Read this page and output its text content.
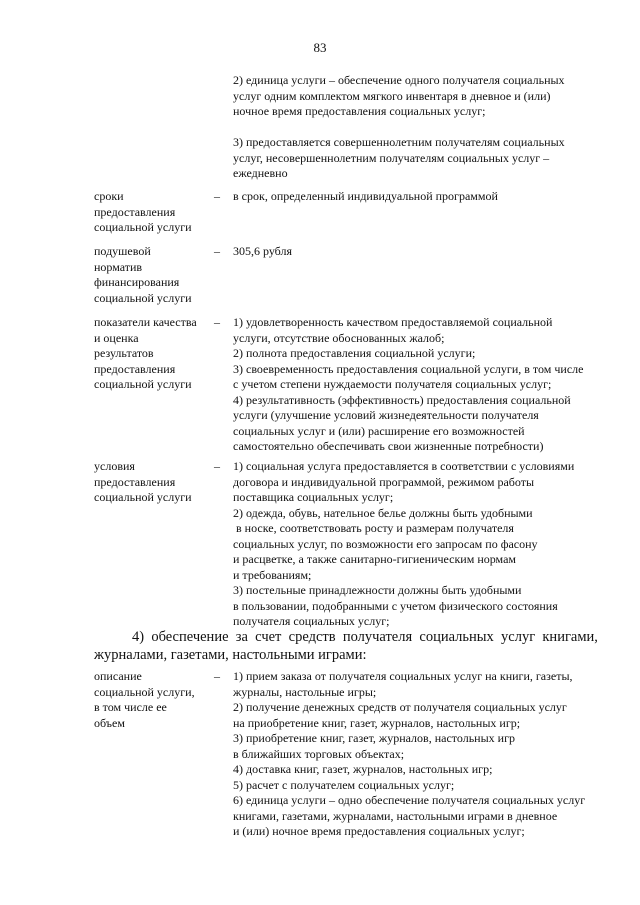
83
2) единица услуги – обеспечение одного получателя социальных
услуг одним комплектом мягкого инвентаря в дневное и (или)
ночное время предоставления социальных услуг;
3) предоставляется совершеннолетним получателям социальных
услуг, несовершеннолетним получателям социальных услуг –
ежедневно
сроки
предоставления
социальной услуги
– в срок, определенный индивидуальной программой
подушевой
норматив
финансирования
социальной услуги
– 305,6 рубля
показатели качества
и оценка
результатов
предоставления
социальной услуги
– 1) удовлетворенность качеством предоставляемой социальной
услуги, отсутствие обоснованных жалоб;
2) полнота предоставления социальной услуги;
3) своевременность предоставления социальной услуги, в том числе
с учетом степени нуждаемости получателя социальных услуг;
4) результативность (эффективность) предоставления социальной
услуги (улучшение условий жизнедеятельности получателя
социальных услуг и (или) расширение его возможностей
самостоятельно обеспечивать свои жизненные потребности)
условия
предоставления
социальной услуги
– 1) социальная услуга предоставляется в соответствии с условиями
договора и индивидуальной программой, режимом работы
поставщика социальных услуг;
2) одежда, обувь, нательное белье должны быть удобными
в носке, соответствовать росту и размерам получателя
социальных услуг, по возможности его запросам по фасону
и расцветке, а также санитарно-гигиеническим нормам
и требованиям;
3) постельные принадлежности должны быть удобными
в пользовании, подобранными с учетом физического состояния
получателя социальных услуг;
4)  обеспечение  за  счет  средств  получателя  социальных  услуг  книгами,
журналами, газетами, настольными играми:
описание
социальной услуги,
в том числе ее
объем
– 1) прием заказа от получателя социальных услуг на книги, газеты,
журналы, настольные игры;
2) получение денежных средств от получателя социальных услуг
на приобретение книг, газет, журналов, настольных игр;
3) приобретение книг, газет, журналов, настольных игр
в ближайших торговых объектах;
4) доставка книг, газет, журналов, настольных игр;
5) расчет с получателем социальных услуг;
6) единица услуги – одно обеспечение получателя социальных услуг
книгами, газетами, журналами, настольными играми в дневное
и (или) ночное время предоставления социальных услуг;
